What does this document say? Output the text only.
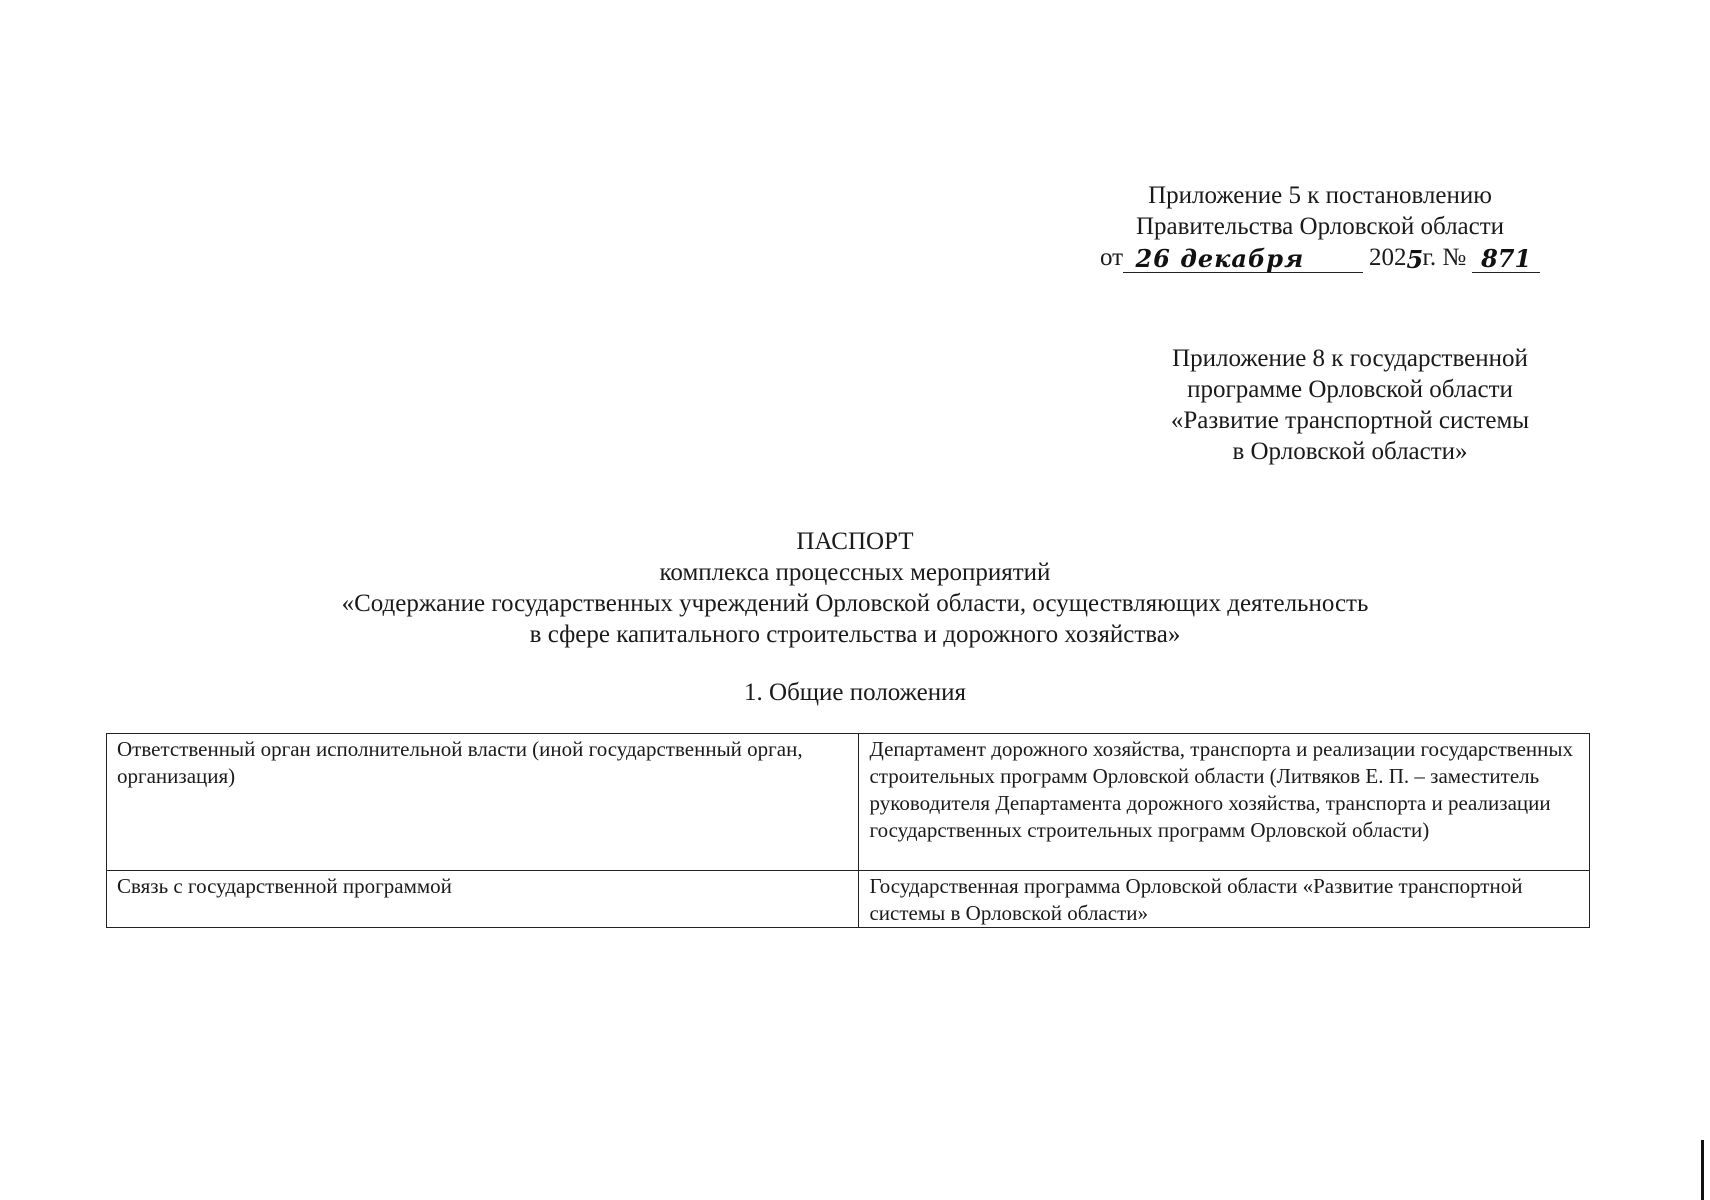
Приложение 5 к постановлению
Правительства Орловской области
от 26 декабря	202 5 г. № 871
Приложение 8 к государственной
программе Орловской области
«Развитие транспортной системы
в Орловской области»
ПАСПОРТ
комплекса процессных мероприятий
«Содержание государственных учреждений Орловской области, осуществляющих деятельность
в сфере капитального строительства и дорожного хозяйства»
1. Общие положения
Ответственный орган исполнительной власти (иной государственный орган, организация)	Департамент дорожного хозяйства, транспорта и реализации государственных строительных программ Орловской области (Литвяков Е. П. – заместитель руководителя Департамента дорожного хозяйства, транспорта и реализации государственных строительных программ Орловской области)
Связь с государственной программой	Государственная программа Орловской области «Развитие транспортной системы в Орловской области»
